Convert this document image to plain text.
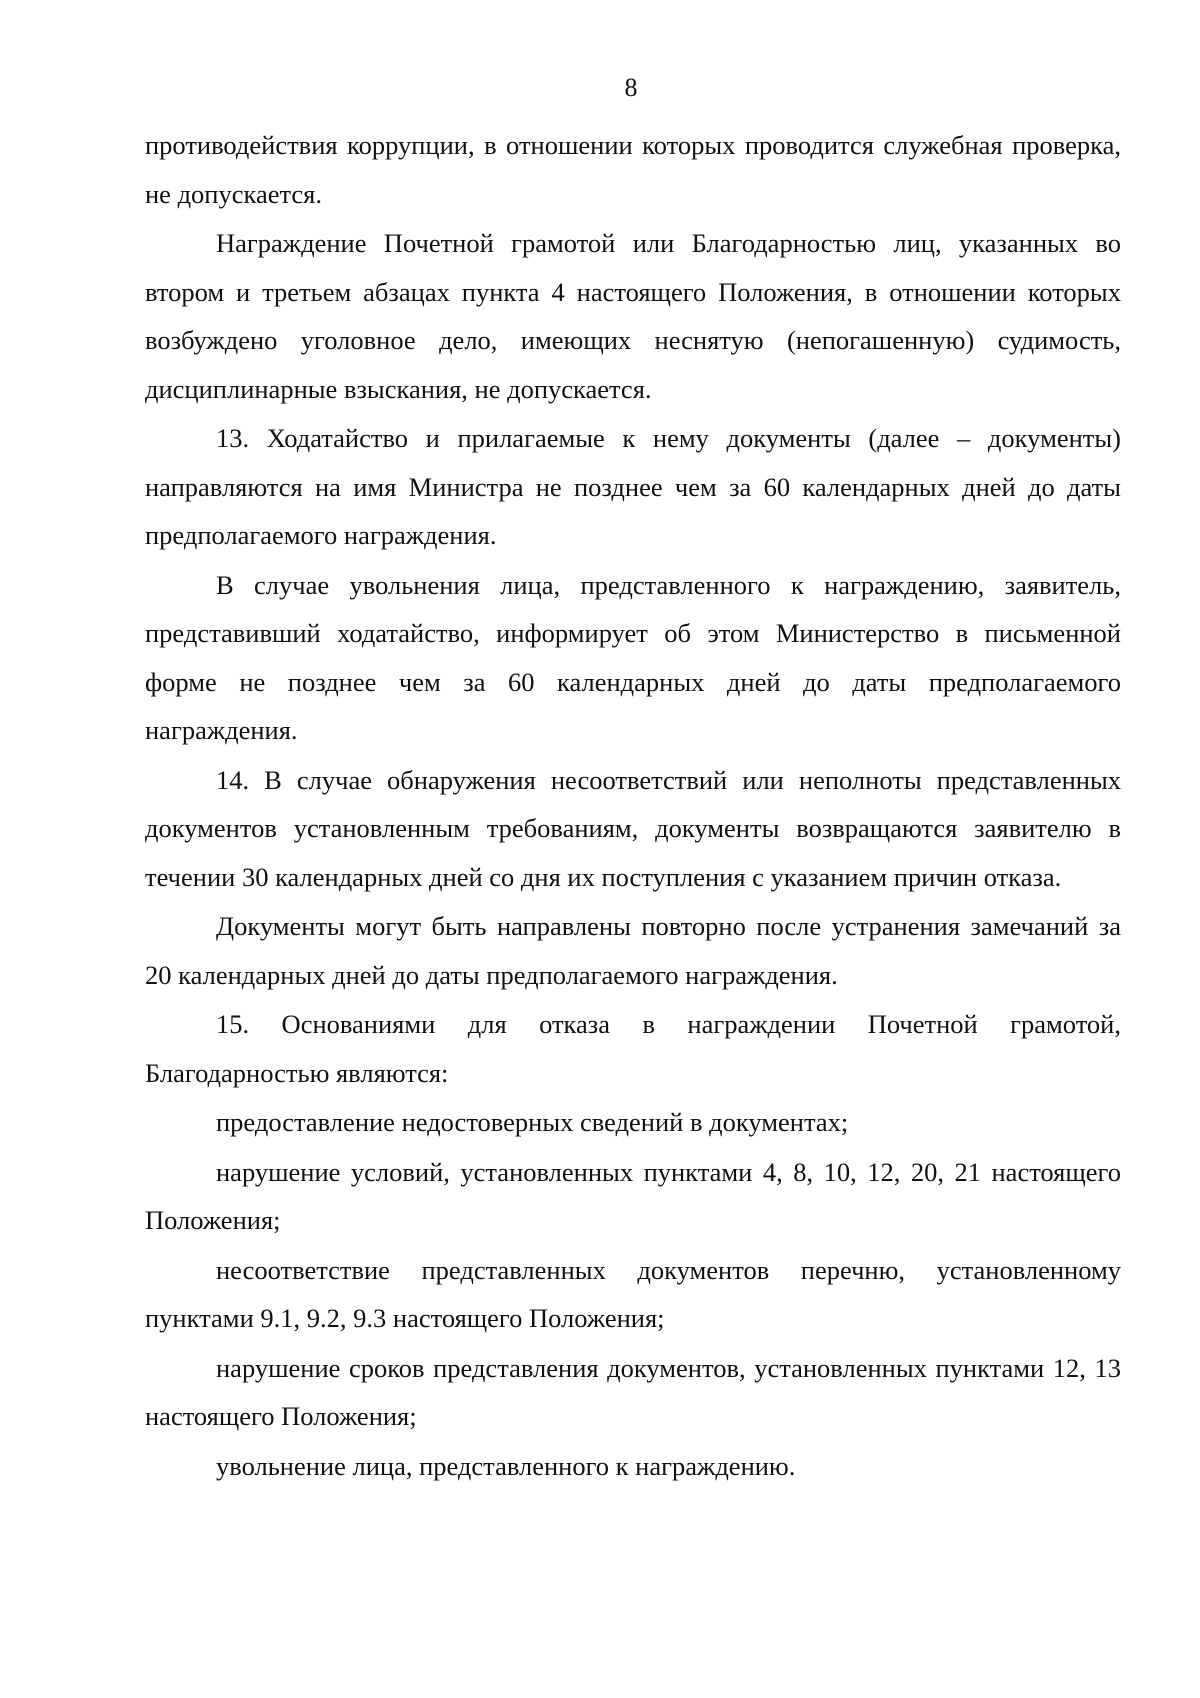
8

противодействия коррупции, в отношении которых проводится служебная проверка, не допускается.

Награждение Почетной грамотой или Благодарностью лиц, указанных во втором и третьем абзацах пункта 4 настоящего Положения, в отношении которых возбуждено уголовное дело, имеющих неснятую (непогашенную) судимость, дисциплинарные взыскания, не допускается.

13. Ходатайство и прилагаемые к нему документы (далее – документы) направляются на имя Министра не позднее чем за 60 календарных дней до даты предполагаемого награждения.

В случае увольнения лица, представленного к награждению, заявитель, представивший ходатайство, информирует об этом Министерство в письменной форме не позднее чем за 60 календарных дней до даты предполагаемого награждения.

14. В случае обнаружения несоответствий или неполноты представленных документов установленным требованиям, документы возвращаются заявителю в течении 30 календарных дней со дня их поступления с указанием причин отказа.

Документы могут быть направлены повторно после устранения замечаний за 20 календарных дней до даты предполагаемого награждения.

15. Основаниями для отказа в награждении Почетной грамотой, Благодарностью являются:

предоставление недостоверных сведений в документах;

нарушение условий, установленных пунктами 4, 8, 10, 12, 20, 21 настоящего Положения;

несоответствие представленных документов перечню, установленному пунктами 9.1, 9.2, 9.3 настоящего Положения;

нарушение сроков представления документов, установленных пунктами 12, 13 настоящего Положения;

увольнение лица, представленного к награждению.
